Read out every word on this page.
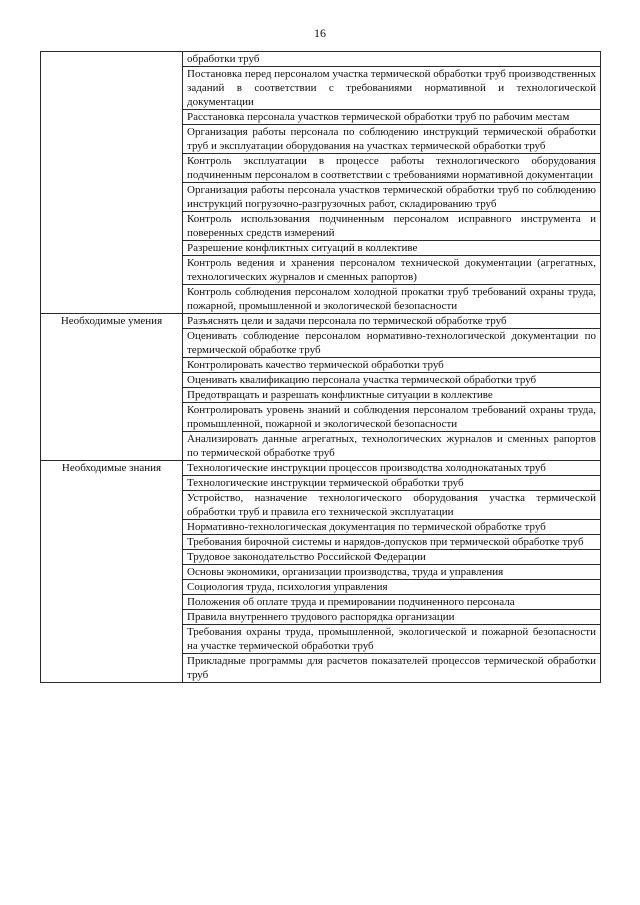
16
	обработки труб
	Постановка перед персоналом участка термической обработки труб производственных заданий в соответствии с требованиями нормативной и технологической документации
	Расстановка персонала участков термической обработки труб по рабочим местам
	Организация работы персонала по соблюдению инструкций термической обработки труб и эксплуатации оборудования на участках термической обработки труб
	Контроль эксплуатации в процессе работы технологического оборудования подчиненным персоналом в соответствии с требованиями нормативной документации
	Организация работы персонала участков термической обработки труб по соблюдению инструкций погрузочно-разгрузочных работ, складированию труб
	Контроль использования подчиненным персоналом исправного инструмента и поверенных средств измерений
	Разрешение конфликтных ситуаций в коллективе
	Контроль ведения и хранения персоналом технической документации (агрегатных, технологических журналов и сменных рапортов)
	Контроль соблюдения персоналом холодной прокатки труб требований охраны труда, пожарной, промышленной и экологической безопасности
Необходимые умения	Разъяснять цели и задачи персонала по термической обработке труб
	Оценивать соблюдение персоналом нормативно-технологической документации по термической обработке труб
	Контролировать качество термической обработки труб
	Оценивать квалификацию персонала участка термической обработки труб
	Предотвращать и разрешать конфликтные ситуации в коллективе
	Контролировать уровень знаний и соблюдения персоналом требований охраны труда, промышленной, пожарной и экологической безопасности
	Анализировать данные агрегатных, технологических журналов и сменных рапортов по термической обработке труб
Необходимые знания	Технологические инструкции процессов производства холоднокатаных труб
	Технологические инструкции термической обработки труб
	Устройство, назначение технологического оборудования участка термической обработки труб и правила его технической эксплуатации
	Нормативно-технологическая документация по термической обработке труб
	Требования бирочной системы и нарядов-допусков при термической обработке труб
	Трудовое законодательство Российской Федерации
	Основы экономики, организации производства, труда и управления
	Социология труда, психология управления
	Положения об оплате труда и премировании подчиненного персонала
	Правила внутреннего трудового распорядка организации
	Требования охраны труда, промышленной, экологической и пожарной безопасности на участке термической обработки труб
	Прикладные программы для расчетов показателей процессов термической обработки труб
